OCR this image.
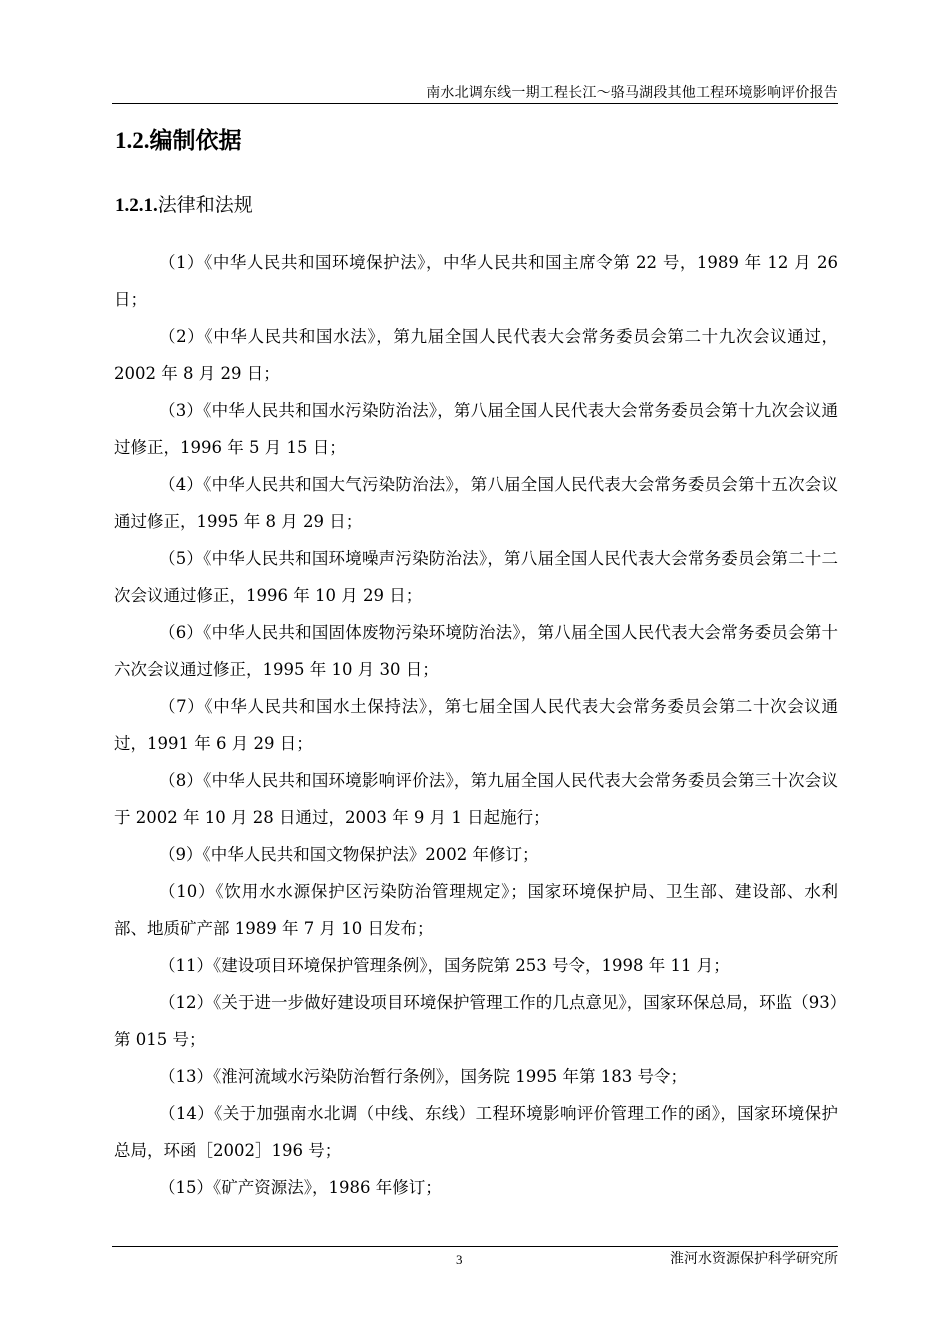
南水北调东线一期工程长江～骆马湖段其他工程环境影响评价报告
1.2.编制依据
1.2.1.法律和法规

（1）《中华人民共和国环境保护法》，中华人民共和国主席令第 22 号，1989 年 12 月 26 日；

（2）《中华人民共和国水法》，第九届全国人民代表大会常务委员会第二十九次会议通过，2002 年 8 月 29 日；

（3）《中华人民共和国水污染防治法》，第八届全国人民代表大会常务委员会第十九次会议通过修正，1996 年 5 月 15 日；

（4）《中华人民共和国大气污染防治法》，第八届全国人民代表大会常务委员会第十五次会议通过修正，1995 年 8 月 29 日；

（5）《中华人民共和国环境噪声污染防治法》，第八届全国人民代表大会常务委员会第二十二次会议通过修正，1996 年 10 月 29 日；

（6）《中华人民共和国固体废物污染环境防治法》，第八届全国人民代表大会常务委员会第十六次会议通过修正，1995 年 10 月 30 日；

（7）《中华人民共和国水土保持法》，第七届全国人民代表大会常务委员会第二十次会议通过，1991 年 6 月 29 日；

（8）《中华人民共和国环境影响评价法》，第九届全国人民代表大会常务委员会第三十次会议于 2002 年 10 月 28 日通过，2003 年 9 月 1 日起施行；

（9）《中华人民共和国文物保护法》2002 年修订；

（10）《饮用水水源保护区污染防治管理规定》；国家环境保护局、卫生部、建设部、水利部、地质矿产部 1989 年 7 月 10 日发布；

（11）《建设项目环境保护管理条例》，国务院第 253 号令，1998 年 11 月；

（12）《关于进一步做好建设项目环境保护管理工作的几点意见》，国家环保总局，环监（93）第 015 号；

（13）《淮河流域水污染防治暂行条例》，国务院 1995 年第 183 号令；

（14）《关于加强南水北调（中线、东线）工程环境影响评价管理工作的函》，国家环境保护总局，环函［2002］196 号；

（15）《矿产资源法》，1986 年修订；

3	淮河水资源保护科学研究所
